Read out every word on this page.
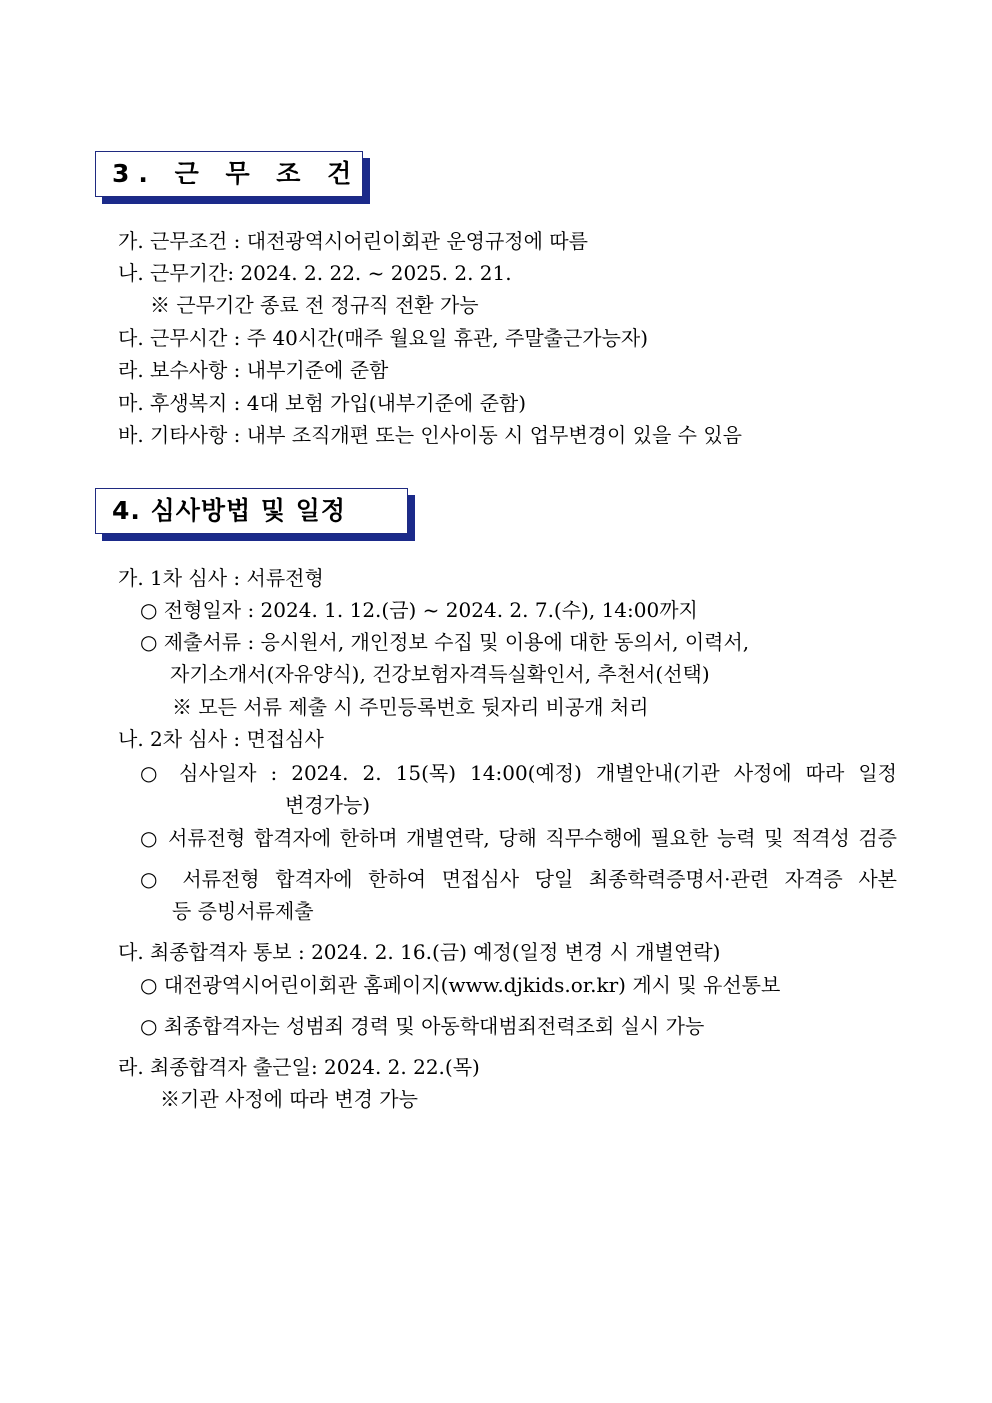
3. 근 무 조 건
가. 근무조건 : 대전광역시어린이회관 운영규정에 따름
나. 근무기간: 2024. 2. 22. ~ 2025. 2. 21.
※ 근무기간 종료 전 정규직 전환 가능
다. 근무시간 : 주 40시간(매주 월요일 휴관, 주말출근가능자)
라. 보수사항 : 내부기준에 준함
마. 후생복지 : 4대 보험 가입(내부기준에 준함)
바. 기타사항 : 내부 조직개편 또는 인사이동 시 업무변경이 있을 수 있음
4. 심사방법 및 일정
가. 1차 심사 : 서류전형
○ 전형일자 : 2024. 1. 12.(금) ~ 2024. 2. 7.(수), 14:00까지
○ 제출서류 : 응시원서, 개인정보 수집 및 이용에 대한 동의서, 이력서,
자기소개서(자유양식), 건강보험자격득실확인서, 추천서(선택)
※ 모든 서류 제출 시 주민등록번호 뒷자리 비공개 처리
나. 2차 심사 : 면접심사
○ 심사일자 : 2024. 2. 15(목) 14:00(예정) 개별안내(기관 사정에 따라 일정
변경가능)
○ 서류전형 합격자에 한하며 개별연락, 당해 직무수행에 필요한 능력 및 적격성 검증
○ 서류전형 합격자에 한하여 면접심사 당일 최종학력증명서·관련 자격증 사본
등 증빙서류제출
다. 최종합격자 통보 : 2024. 2. 16.(금) 예정(일정 변경 시 개별연락)
○ 대전광역시어린이회관 홈페이지(www.djkids.or.kr) 게시 및 유선통보
○ 최종합격자는 성범죄 경력 및 아동학대범죄전력조회 실시 가능
라. 최종합격자 출근일: 2024. 2. 22.(목)
※기관 사정에 따라 변경 가능
